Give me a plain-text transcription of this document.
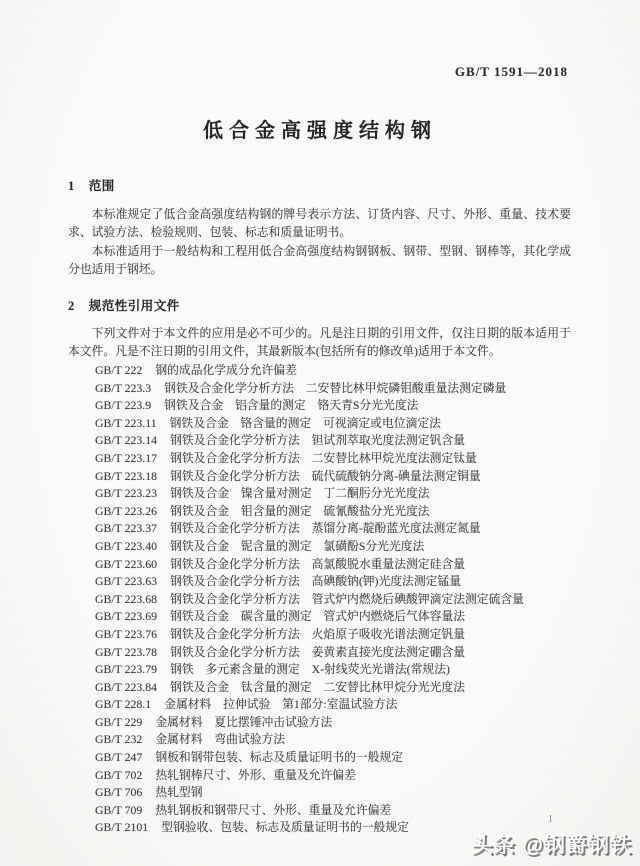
GB/T 1591—2018
低合金高强度结构钢
1 范围

本标准规定了低合金高强度结构钢的牌号表示方法、订货内容、尺寸、外形、重量、技术要求、试验方法、检验规则、包装、标志和质量证明书。

本标准适用于一般结构和工程用低合金高强度结构钢钢板、钢带、型钢、钢棒等，其化学成分也适用于钢坯。

2 规范性引用文件

下列文件对于本文件的应用是必不可少的。凡是注日期的引用文件，仅注日期的版本适用于本文件。凡是不注日期的引用文件，其最新版本(包括所有的修改单)适用于本文件。

GB/T 222 钢的成品化学成分允许偏差
GB/T 223.3 钢铁及合金化学分析方法　二安替比林甲烷磷钼酸重量法测定磷量
GB/T 223.9 钢铁及合金　铝含量的测定　铬天青S分光光度法
GB/T 223.11 钢铁及合金　铬含量的测定　可视滴定或电位滴定法
GB/T 223.14 钢铁及合金化学分析方法　钽试剂萃取光度法测定钒含量
GB/T 223.17 钢铁及合金化学分析方法　二安替比林甲烷光度法测定钛量
GB/T 223.18 钢铁及合金化学分析方法　硫代硫酸钠分离-碘量法测定铜量
GB/T 223.23 钢铁及合金　镍含量对测定　丁二酮肟分光光度法
GB/T 223.26 钢铁及合金　钼含量的测定　硫氰酸盐分光光度法
GB/T 223.37 钢铁及合金化学分析方法　蒸馏分离-靛酚蓝光度法测定氮量
GB/T 223.40 钢铁及合金　铌含量的测定　氯磺酚S分光光度法
GB/T 223.60 钢铁及合金化学分析方法　高氯酸脱水重量法测定硅含量
GB/T 223.63 钢铁及合金化学分析方法　高碘酸钠(钾)光度法测定锰量
GB/T 223.68 钢铁及合金化学分析方法　管式炉内燃烧后碘酸钾滴定法测定硫含量
GB/T 223.69 钢铁及合金　碳含量的测定　管式炉内燃烧后气体容量法
GB/T 223.76 钢铁及合金化学分析方法　火焰原子吸收光谱法测定钒量
GB/T 223.78 钢铁及合金化学分析方法　姜黄素直接光度法测定硼含量
GB/T 223.79 钢铁　多元素含量的测定　X-射线荧光光谱法(常规法)
GB/T 223.84 钢铁及合金　钛含量的测定　二安替比林甲烷分光光度法
GB/T 228.1 金属材料　拉伸试验　第1部分:室温试验方法
GB/T 229 金属材料　夏比摆锤冲击试验方法
GB/T 232 金属材料　弯曲试验方法
GB/T 247 钢板和钢带包装、标志及质量证明书的一般规定
GB/T 702 热轧钢棒尺寸、外形、重量及允许偏差
GB/T 706 热轧型钢
GB/T 709 热轧钢板和钢带尺寸、外形、重量及允许偏差
GB/T 2101 型钢验收、包装、标志及质量证明书的一般规定
1
头条 @钢爵钢铁
